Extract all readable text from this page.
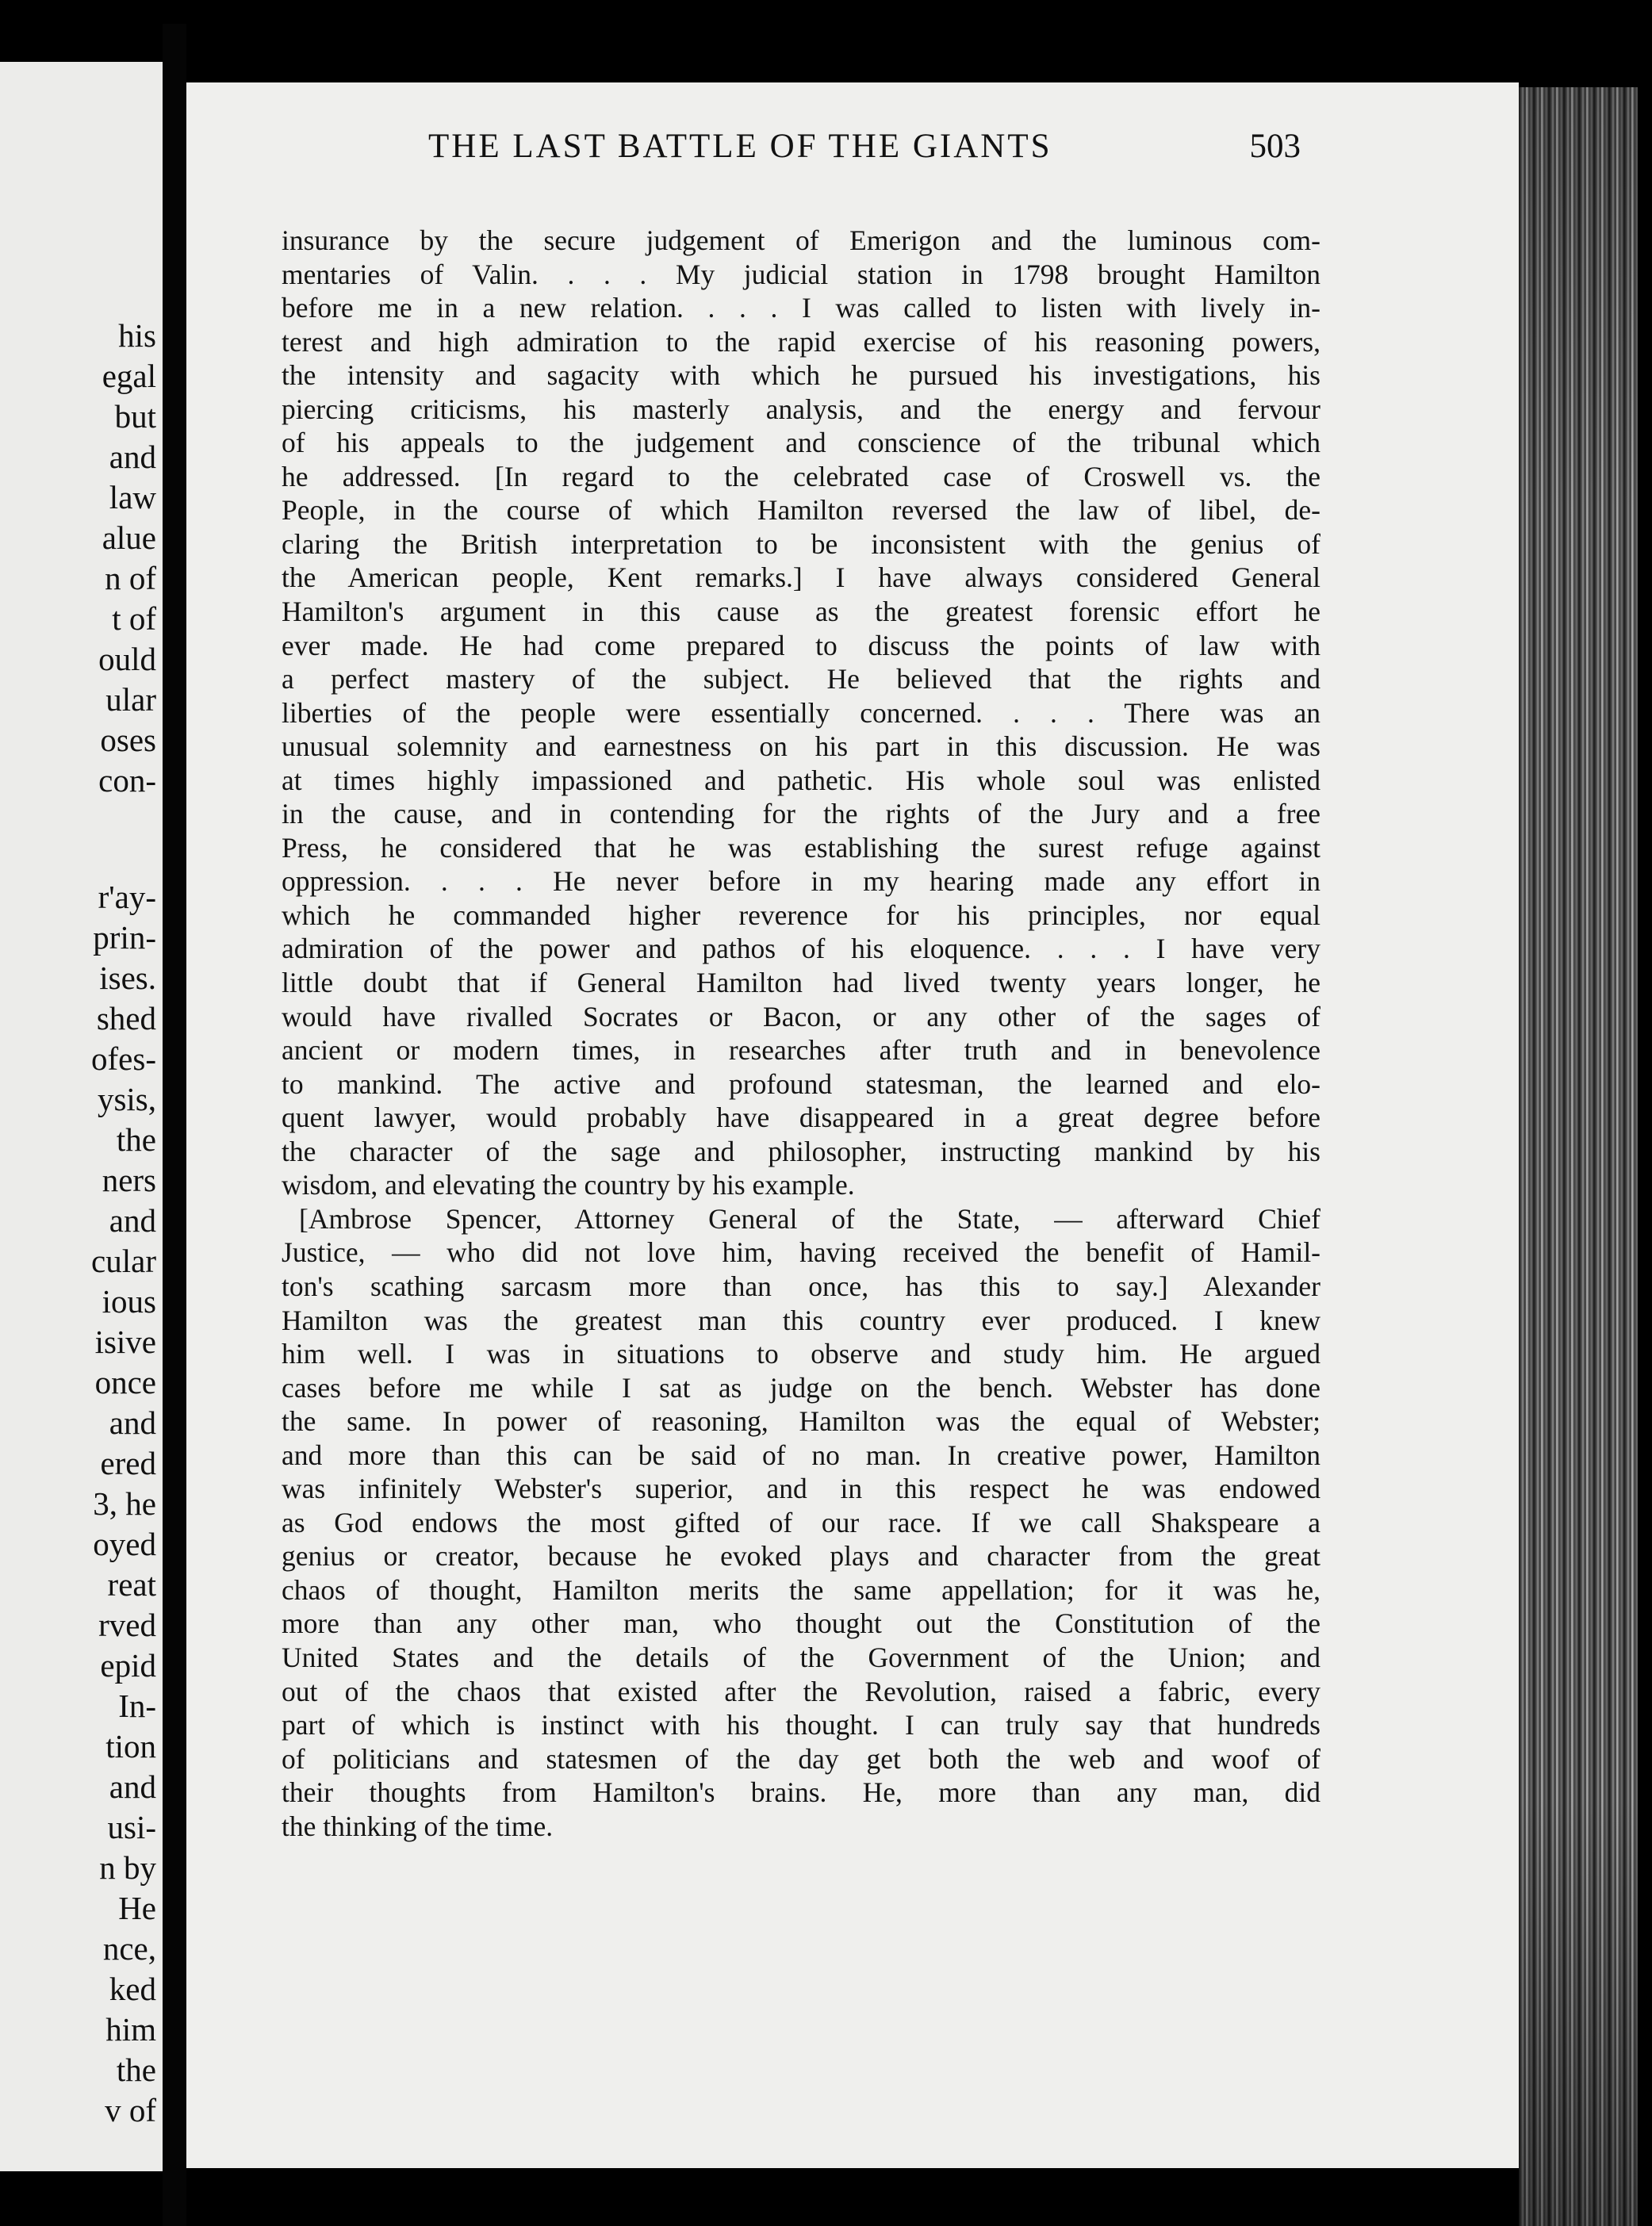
his
egal
but
and
law
alue
n of
t of
ould
ular
oses
con-
r'ay-
prin-
ises.
shed
ofes-
ysis,
the
ners
and
cular
ious
isive
once
and
ered
3, he
oyed
reat
rved
epid
In-
tion
and
usi-
n by
He
nce,
ked
him
the
v of
THE LAST BATTLE OF THE GIANTS	503
insurance by the secure judgement of Emerigon and the luminous com-
mentaries of Valin. . . . My judicial station in 1798 brought Hamilton
before me in a new relation. . . . I was called to listen with lively in-
terest and high admiration to the rapid exercise of his reasoning powers,
the intensity and sagacity with which he pursued his investigations, his
piercing criticisms, his masterly analysis, and the energy and fervour
of his appeals to the judgement and conscience of the tribunal which
he addressed. [In regard to the celebrated case of Croswell vs. the
People, in the course of which Hamilton reversed the law of libel, de-
claring the British interpretation to be inconsistent with the genius of
the American people, Kent remarks.] I have always considered General
Hamilton's argument in this cause as the greatest forensic effort he
ever made. He had come prepared to discuss the points of law with
a perfect mastery of the subject. He believed that the rights and
liberties of the people were essentially concerned. . . . There was an
unusual solemnity and earnestness on his part in this discussion. He was
at times highly impassioned and pathetic. His whole soul was enlisted
in the cause, and in contending for the rights of the Jury and a free
Press, he considered that he was establishing the surest refuge against
oppression. . . . He never before in my hearing made any effort in
which he commanded higher reverence for his principles, nor equal
admiration of the power and pathos of his eloquence. . . . I have very
little doubt that if General Hamilton had lived twenty years longer, he
would have rivalled Socrates or Bacon, or any other of the sages of
ancient or modern times, in researches after truth and in benevolence
to mankind. The active and profound statesman, the learned and elo-
quent lawyer, would probably have disappeared in a great degree before
the character of the sage and philosopher, instructing mankind by his
wisdom, and elevating the country by his example.
[Ambrose Spencer, Attorney General of the State, — afterward Chief
Justice, — who did not love him, having received the benefit of Hamil-
ton's scathing sarcasm more than once, has this to say.] Alexander
Hamilton was the greatest man this country ever produced. I knew
him well. I was in situations to observe and study him. He argued
cases before me while I sat as judge on the bench. Webster has done
the same. In power of reasoning, Hamilton was the equal of Webster;
and more than this can be said of no man. In creative power, Hamilton
was infinitely Webster's superior, and in this respect he was endowed
as God endows the most gifted of our race. If we call Shakspeare a
genius or creator, because he evoked plays and character from the great
chaos of thought, Hamilton merits the same appellation; for it was he,
more than any other man, who thought out the Constitution of the
United States and the details of the Government of the Union; and
out of the chaos that existed after the Revolution, raised a fabric, every
part of which is instinct with his thought. I can truly say that hundreds
of politicians and statesmen of the day get both the web and woof of
their thoughts from Hamilton's brains. He, more than any man, did
the thinking of the time.
